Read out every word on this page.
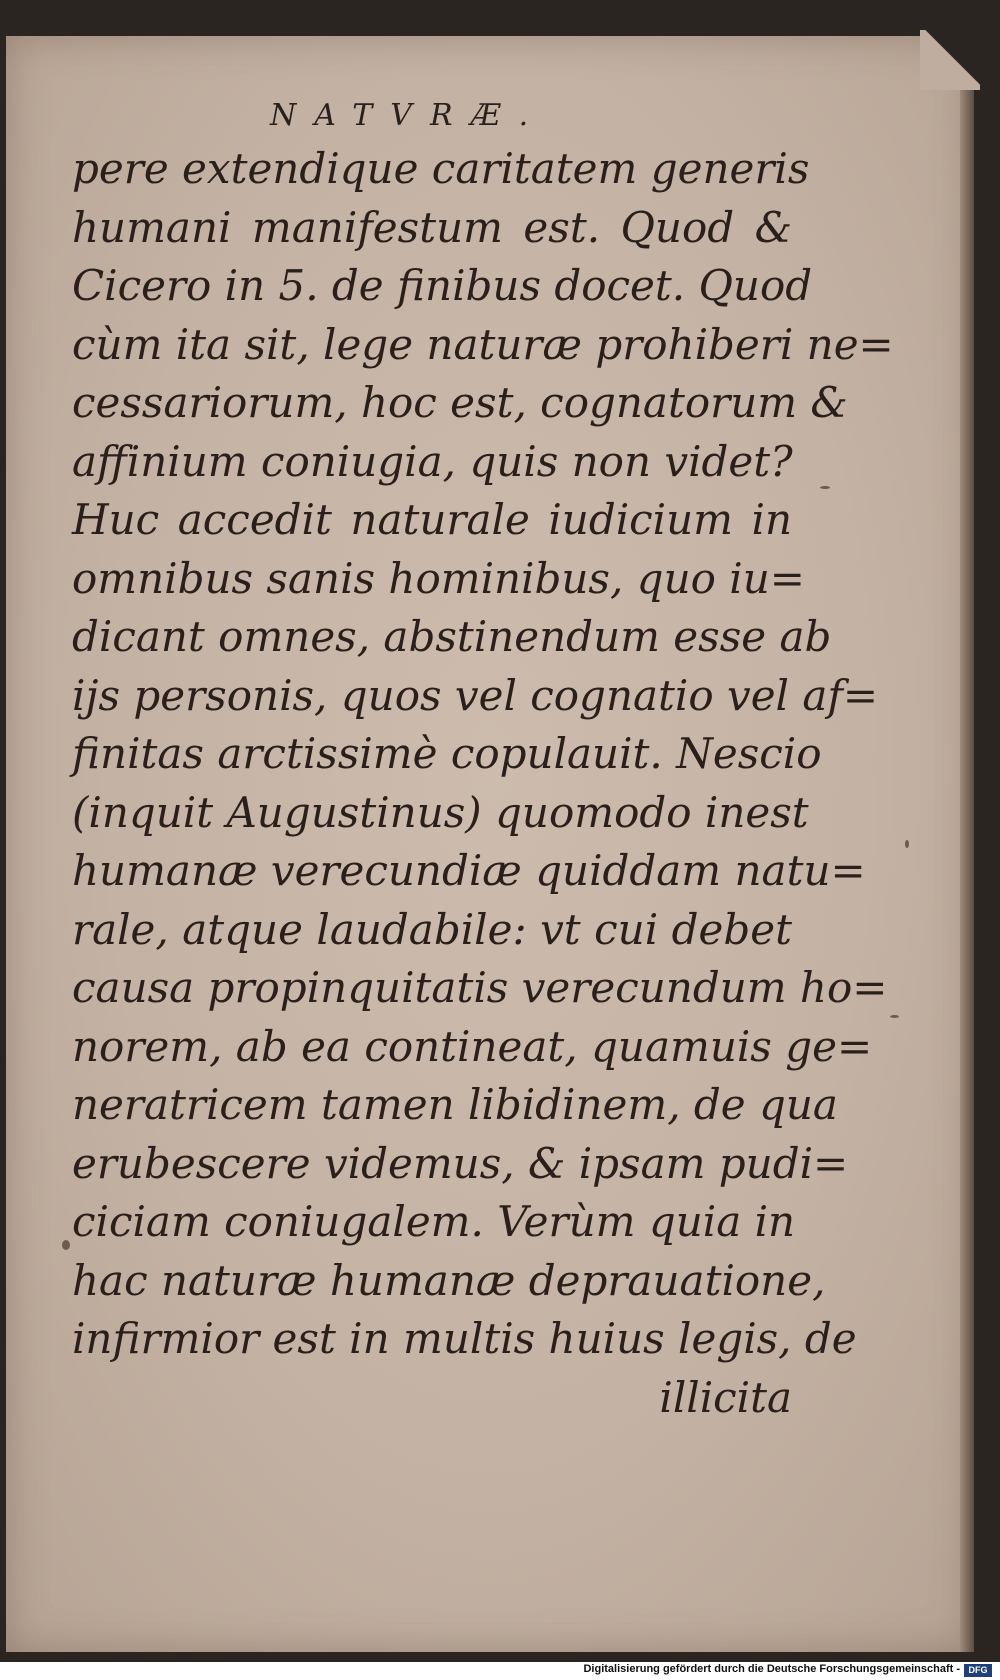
NATVRÆ.
pere extendique caritatem generis
humani manifestum est. Quod &
Cicero in 5. de finibus docet. Quod
cùm ita sit, lege naturæ prohiberi ne=
cessariorum, hoc est, cognatorum &
affinium coniugia, quis non videt?
Huc accedit naturale iudicium in
omnibus sanis hominibus, quo iu=
dicant omnes, abstinendum esse ab
ijs personis, quos vel cognatio vel af=
finitas arctissimè copulauit. Nescio
(inquit Augustinus) quomodo inest
humanæ verecundiæ quiddam natu=
rale, atque laudabile: vt cui debet
causa propinquitatis verecundum ho=
norem, ab ea contineat, quamuis ge=
neratricem tamen libidinem, de qua
erubescere videmus, & ipsam pudi=
ciciam coniugalem. Verùm quia in
hac naturæ humanæ deprauatione,
infirmior est in multis huius legis, de
illicita
Digitalisierung gefördert durch die Deutsche Forschungsgemeinschaft - DFG
